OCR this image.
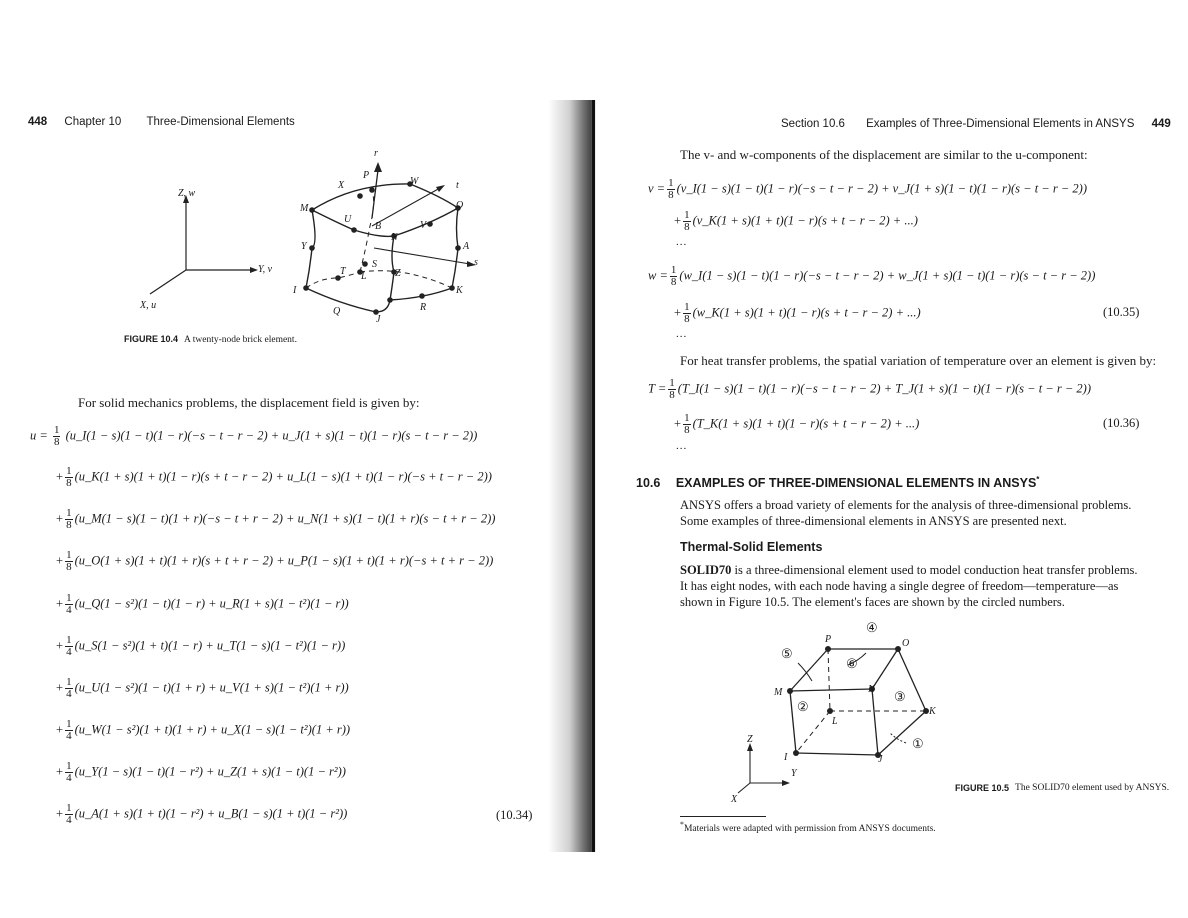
448 Chapter 10 Three-Dimensional Elements
Z, w
Y, v
X, u
r
t
s
X
P
W
M
U
B
O
V
N
Y	A
T
S
L	Z
I	K
Q	R
J
FIGURE 10.4 A twenty-node brick element.
For solid mechanics problems, the displacement field is given by:
$u = \frac{1}{8}$ (u_I(1 − s)(1 − t)(1 − r)(−s − t − r − 2) + u_J(1 + s)(1 − t)(1 − r)(s − t − r − 2))
+ $\frac{1}{8}$ (u_K(1 + s)(1 + t)(1 − r)(s + t − r − 2) + u_L(1 − s)(1 + t)(1 − r)(−s + t − r − 2))
+ $\frac{1}{8}$ (u_M(1 − s)(1 − t)(1 + r)(−s − t + r − 2) + u_N(1 + s)(1 − t)(1 + r)(s − t + r − 2))
+ $\frac{1}{8}$ (u_O(1 + s)(1 + t)(1 + r)(s + t + r − 2) + u_P(1 − s)(1 + t)(1 + r)(−s + t + r − 2))
+ $\frac{1}{4}$ (u_Q(1 − s²)(1 − t)(1 − r) + u_R(1 + s)(1 − t²)(1 − r))
+ $\frac{1}{4}$ (u_S(1 − s²)(1 + t)(1 − r) + u_T(1 − s)(1 − t²)(1 − r))
+ $\frac{1}{4}$ (u_U(1 − s²)(1 − t)(1 + r) + u_V(1 + s)(1 − t²)(1 + r))
+ $\frac{1}{4}$ (u_W(1 − s²)(1 + t)(1 + r) + u_X(1 − s)(1 − t²)(1 + r))
+ $\frac{1}{4}$ (u_Y(1 − s)(1 − t)(1 − r²) + u_Z(1 + s)(1 − t)(1 − r²))
+ $\frac{1}{4}$ (u_A(1 + s)(1 + t)(1 − r²) + u_B(1 − s)(1 + t)(1 − r²))	(10.34)
Section 10.6 Examples of Three-Dimensional Elements in ANSYS 449
The v- and w-components of the displacement are similar to the u-component:
$v = \frac{1}{8}$ (v_I(1 − s)(1 − t)(1 − r)(−s − t − r − 2) + v_J(1 + s)(1 − t)(1 − r)(s − t − r − 2))
+ $\frac{1}{8}$ (v_K(1 + s)(1 + t)(1 − r)(s + t − r − 2) + ...)
...
$w = \frac{1}{8}$ (w_I(1 − s)(1 − t)(1 − r)(−s − t − r − 2) + w_J(1 + s)(1 − t)(1 − r)(s − t − r − 2))
+ $\frac{1}{8}$ (w_K(1 + s)(1 + t)(1 − r)(s + t − r − 2) + ...)	(10.35)
...
For heat transfer problems, the spatial variation of temperature over an element is given by:
$T = \frac{1}{8}$ (T_I(1 − s)(1 − t)(1 − r)(−s − t − r − 2) + T_J(1 + s)(1 − t)(1 − r)(s − t − r − 2))
+ $\frac{1}{8}$ (T_K(1 + s)(1 + t)(1 − r)(s + t − r − 2) + ...)	(10.36)
...
10.6 EXAMPLES OF THREE-DIMENSIONAL ELEMENTS IN ANSYS*
ANSYS offers a broad variety of elements for the analysis of three-dimensional problems. Some examples of three-dimensional elements in ANSYS are presented next.
Thermal-Solid Elements
SOLID70 is a three-dimensional element used to model conduction heat transfer problems. It has eight nodes, with each node having a single degree of freedom—temperature—as shown in Figure 10.5. The element's faces are shown by the circled numbers.
P	O
M	N
K
L
I	J
④
⑤
⑥
③
②
①
Z
Y
X
FIGURE 10.5 The SOLID70 element used by ANSYS.
*Materials were adapted with permission from ANSYS documents.
